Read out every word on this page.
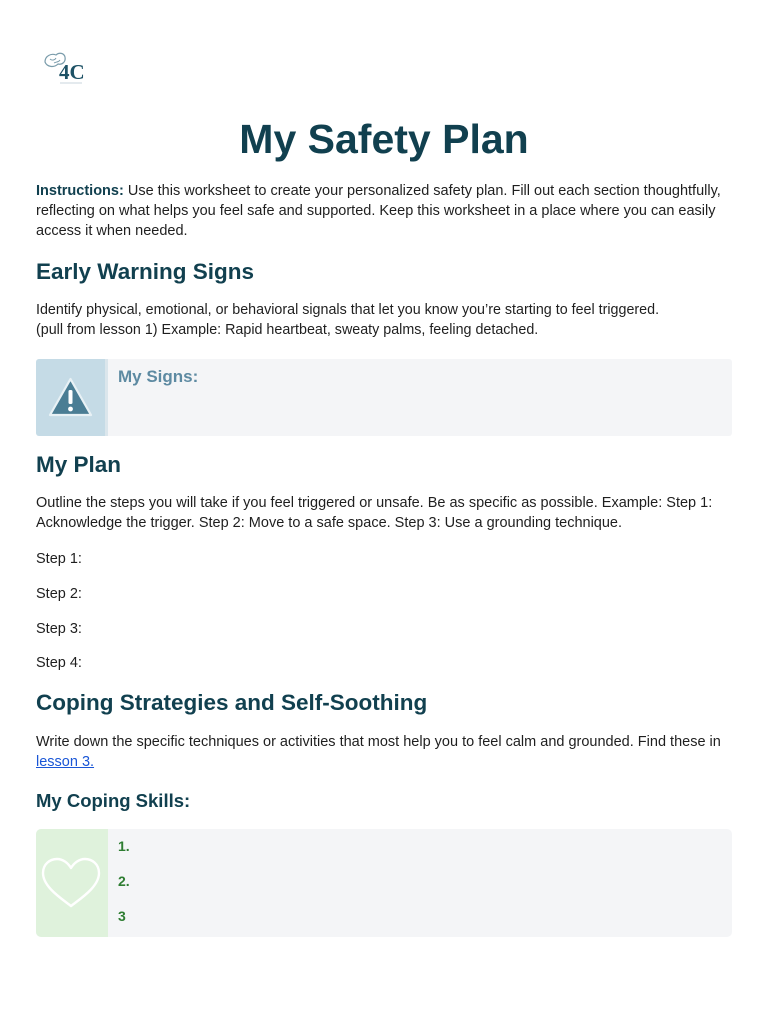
4C
My Safety Plan

Instructions: Use this worksheet to create your personalized safety plan. Fill out each section thoughtfully, reflecting on what helps you feel safe and supported. Keep this worksheet in a place where you can easily access it when needed.

Early Warning Signs

Identify physical, emotional, or behavioral signals that let you know you’re starting to feel triggered.
(pull from lesson 1) Example: Rapid heartbeat, sweaty palms, feeling detached.

My Signs:
My Plan

Outline the steps you will take if you feel triggered or unsafe. Be as specific as possible. Example: Step 1: Acknowledge the trigger. Step 2: Move to a safe space. Step 3: Use a grounding technique.

Step 1:

Step 2:

Step 3:

Step 4:

Coping Strategies and Self-Soothing

Write down the specific techniques or activities that most help you to feel calm and grounded. Find these in lesson 3.

My Coping Skills:
1.
2.
3
